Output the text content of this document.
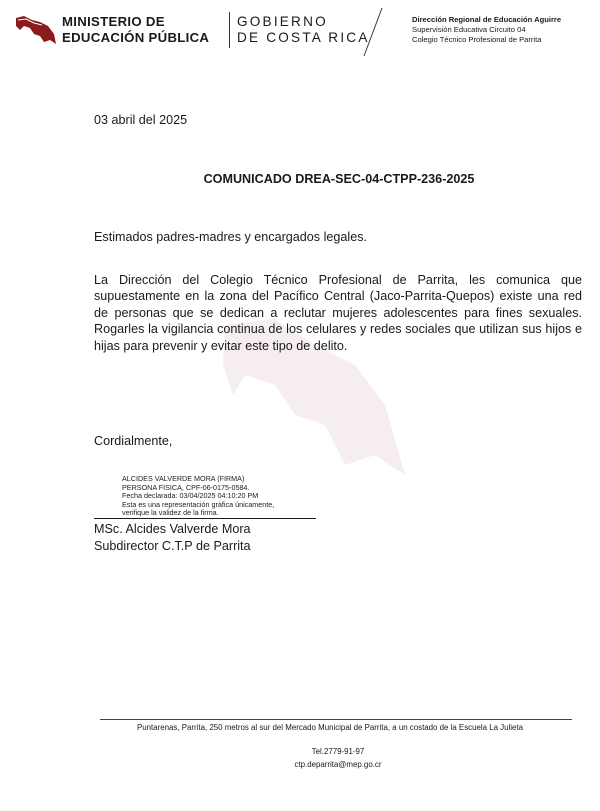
MINISTERIO DE
EDUCACIÓN PÚBLICA
GOBIERNO
DE COSTA RICA
Dirección Regional de Educación Aguirre
Supervisión Educativa Circuito 04
Colegio Técnico Profesional de Parrita
03 abril del 2025
COMUNICADO DREA-SEC-04-CTPP-236-2025
Estimados padres-madres y encargados legales.

La Dirección del Colegio Técnico Profesional de Parrita, les comunica que supuestamente en la zona del Pacífico Central (Jaco-Parrita-Quepos) existe una red de personas que se dedican a reclutar mujeres adolescentes para fines sexuales. Rogarles la vigilancia continua de los celulares y redes sociales que utilizan sus hijos e hijas para prevenir y evitar este tipo de delito.

Cordialmente,
ALCIDES VALVERDE MORA (FIRMA)
PERSONA FISICA, CPF-06-0175-0584.
Fecha declarada: 03/04/2025 04:10:20 PM
Esta es una representación gráfica únicamente,
verifique la validez de la firma.
MSc. Alcides Valverde Mora
Subdirector C.T.P de Parrita
Puntarenas, Parrita, 250 metros al sur del Mercado Municipal de Parrita, a un costado de la Escuela La Julieta
Tel.2779-91-97
ctp.deparrita@mep.go.cr
